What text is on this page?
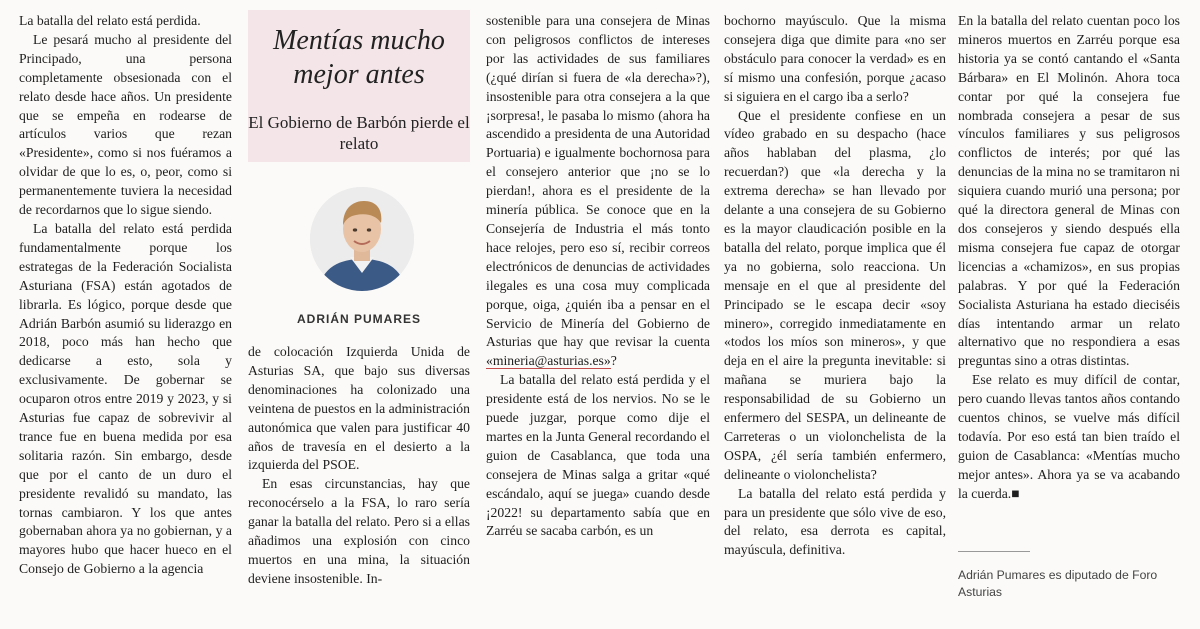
La batalla del relato está perdida.

Le pesará mucho al presidente del Principado, una persona completamente obsesionada con el relato desde hace años. Un presidente que se empeña en rodearse de artículos varios que rezan «Presidente», como si nos fuéramos a olvidar de que lo es, o, peor, como si permanentemente tuviera la necesidad de recordarnos que lo sigue siendo.

La batalla del relato está perdida fundamentalmente porque los estrategas de la Federación Socialista Asturiana (FSA) están agotados de librarla. Es lógico, porque desde que Adrián Barbón asumió su liderazgo en 2018, poco más han hecho que dedicarse a esto, sola y exclusivamente. De gobernar se ocuparon otros entre 2019 y 2023, y si Asturias fue capaz de sobrevivir al trance fue en buena medida por esa solitaria razón. Sin embargo, desde que por el canto de un duro el presidente revalidó su mandato, las tornas cambiaron. Y los que antes gobernaban ahora ya no gobiernan, y a mayores hubo que hacer hueco en el Consejo de Gobierno a la agencia

Mentías mucho mejor antes
El Gobierno de Barbón pierde el relato
ADRIÁN PUMARES

de colocación Izquierda Unida de Asturias SA, que bajo sus diversas denominaciones ha colonizado una veintena de puestos en la administración autonómica que valen para justificar 40 años de travesía en el desierto a la izquierda del PSOE.

En esas circunstancias, hay que reconocérselo a la FSA, lo raro sería ganar la batalla del relato. Pero si a ellas añadimos una explosión con cinco muertos en una mina, la situación deviene insostenible. In-

sostenible para una consejera de Minas con peligrosos conflictos de intereses por las actividades de sus familiares (¿qué dirían si fuera de «la derecha»?), insostenible para otra consejera a la que ¡sorpresa!, le pasaba lo mismo (ahora ha ascendido a presidenta de una Autoridad Portuaria) e igualmente bochornosa para el consejero anterior que ¡no se lo pierdan!, ahora es el presidente de la minería pública. Se conoce que en la Consejería de Industria el más tonto hace relojes, pero eso sí, recibir correos electrónicos de denuncias de actividades ilegales es una cosa muy complicada porque, oiga, ¿quién iba a pensar en el Servicio de Minería del Gobierno de Asturias que hay que revisar la cuenta «mineria@asturias.es»?

La batalla del relato está perdida y el presidente está de los nervios. No se le puede juzgar, porque como dije el martes en la Junta General recordando el guion de Casablanca, que toda una consejera de Minas salga a gritar «qué escándalo, aquí se juega» cuando desde ¡2022! su departamento sabía que en Zarréu se sacaba carbón, es un

bochorno mayúsculo. Que la misma consejera diga que dimite para «no ser obstáculo para conocer la verdad» es en sí mismo una confesión, porque ¿acaso si siguiera en el cargo iba a serlo?

Que el presidente confiese en un vídeo grabado en su despacho (hace años hablaban del plasma, ¿lo recuerdan?) que «la derecha y la extrema derecha» se han llevado por delante a una consejera de su Gobierno es la mayor claudicación posible en la batalla del relato, porque implica que él ya no gobierna, solo reacciona. Un mensaje en el que al presidente del Principado se le escapa decir «soy minero», corregido inmediatamente en «todos los míos son mineros», y que deja en el aire la pregunta inevitable: si mañana se muriera bajo la responsabilidad de su Gobierno un enfermero del SESPA, un delineante de Carreteras o un violonchelista de la OSPA, ¿él sería también enfermero, delineante o violonchelista?

La batalla del relato está perdida y para un presidente que sólo vive de eso, del relato, esa derrota es capital, mayúscula, definitiva.

En la batalla del relato cuentan poco los mineros muertos en Zarréu porque esa historia ya se contó cantando el «Santa Bárbara» en El Molinón. Ahora toca contar por qué la consejera fue nombrada consejera a pesar de sus vínculos familiares y sus peligrosos conflictos de interés; por qué las denuncias de la mina no se tramitaron ni siquiera cuando murió una persona; por qué la directora general de Minas con dos consejeros y siendo después ella misma consejera fue capaz de otorgar licencias a «chamizos», en sus propias palabras. Y por qué la Federación Socialista Asturiana ha estado dieciséis días intentando armar un relato alternativo que no respondiera a esas preguntas sino a otras distintas.

Ese relato es muy difícil de contar, pero cuando llevas tantos años contando cuentos chinos, se vuelve más difícil todavía. Por eso está tan bien traído el guion de Casablanca: «Mentías mucho mejor antes». Ahora ya se va acabando la cuerda.■

Adrián Pumares es diputado de Foro Asturias
